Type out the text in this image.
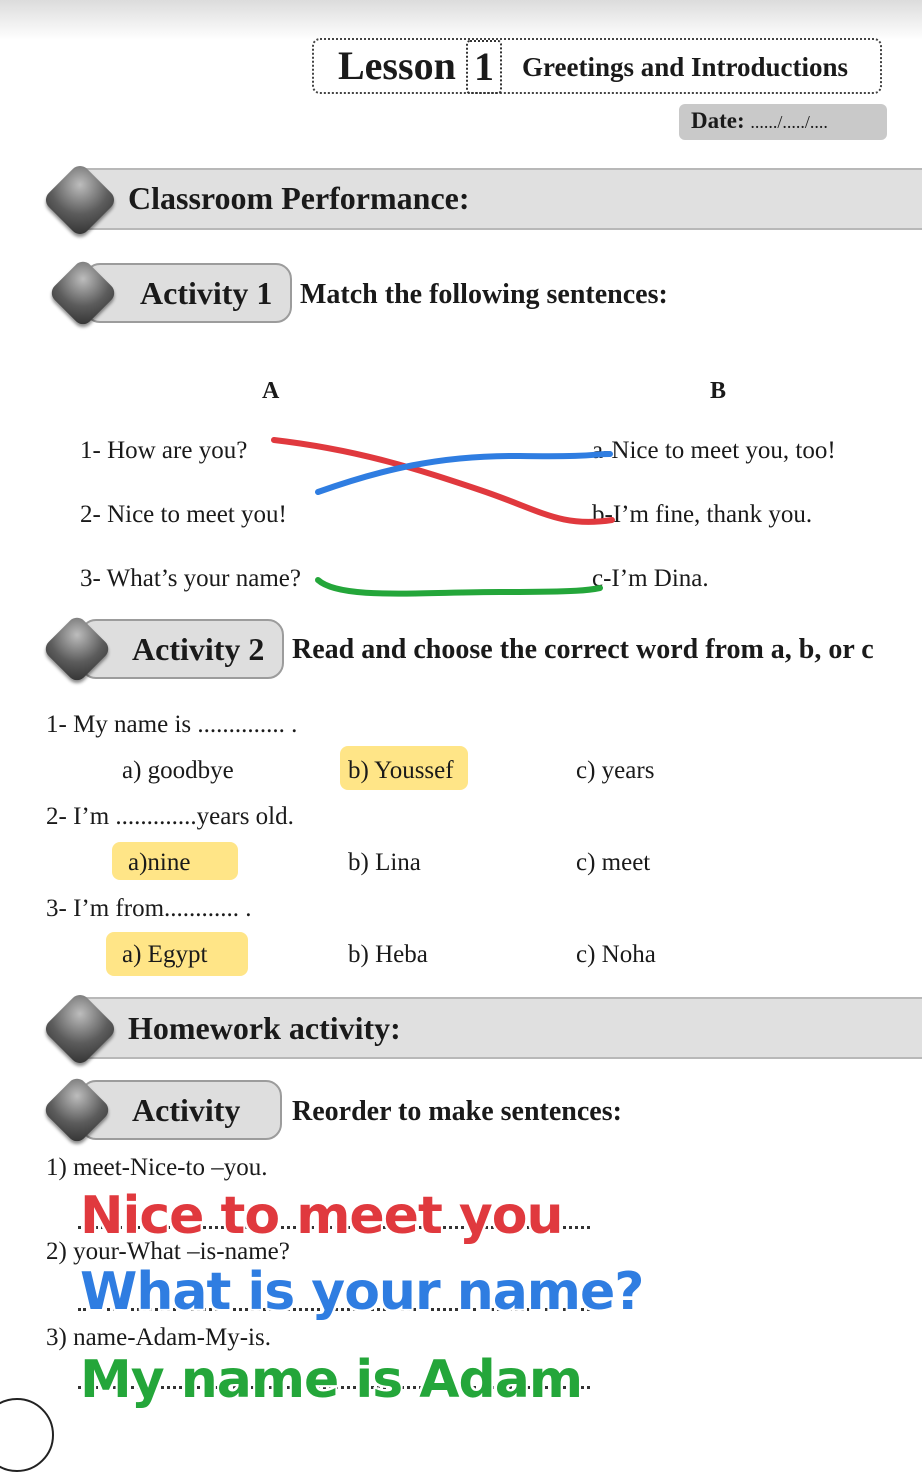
Lesson 1 Greetings and Introductions
Date: ....../...../....
Classroom Performance:
Activity 1 Match the following sentences:
A	B
1- How are you?
2- Nice to meet you!
3- What’s your name?
a-Nice to meet you, too!
b-I’m fine, thank you.
c-I’m Dina.
Activity 2 Read and choose the correct word from a, b, or c
1- My name is .............. .
a) goodbye	b) Youssef	c) years
2- I’m .............years old.
a)nine	b) Lina	c) meet
3- I’m from............ .
a) Egypt	b) Heba	c) Noha
Homework activity:
Activity Reorder to make sentences:
1) meet-Nice-to –you.
Nice to meet you
2) your-What –is-name?
What is your name?
3) name-Adam-My-is.
My name is Adam
